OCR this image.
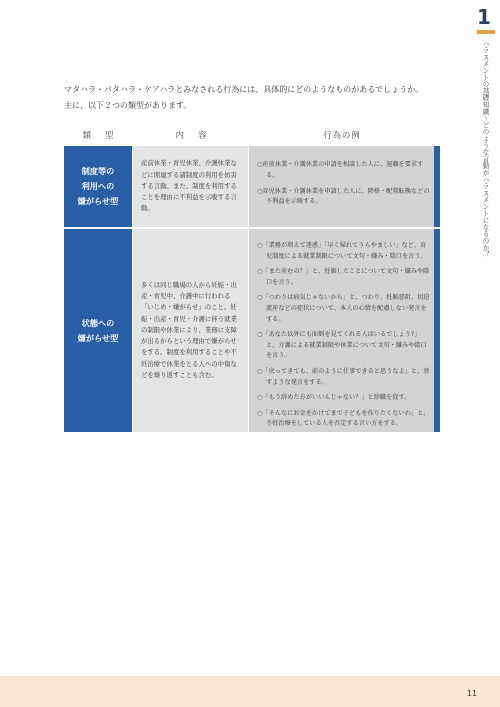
1
ハラスメントの基礎知識〜どのような言動がハラスメントになるのか？

マタハラ・パタハラ・ケアハラとみなされる行為には、具体的にどのようなものがあるでしょうか。

主に、以下２つの類型があります。

類型	内容	行為の例
制度等の
利用への
嫌がらせ型
産前休業・育児休業、介護休業などに関連する諸制度の利用を妨害する言動。また、制度を利用することを理由に不利益を示唆する言動。
○産前休業・介護休業の申請を相談した人に、退職を要求する。
○育児休業・介護休業を申請した人に、降格・配置転換などの不利益を示唆する。
状態への
嫌がらせ型
多くは同じ職場の人から妊娠・出産・育児中、介護中に行われる「いじめ・嫌がらせ」のこと。妊娠・出産・育児・介護に伴う就業の制限や休業により、業務に支障が出るからという理由で嫌がらせをする。制度を利用することや不妊治療で休業をとる人への中傷などを繰り返すことも含む。
○「業務が増えて迷惑」「早く帰れてうらやましい」など、育児制度による就業制限について文句・嫌み・陰口を言う。
○「また産むの？」と、妊娠したことについて文句・嫌みや陰口を言う。
○「つわりは病気じゃないから」と、つわり、妊娠悪阻、切迫流産などの症状について、本人の心情を配慮しない発言をする。
○「あなた以外にも面倒を見てくれる人はいるでしょう?」と、介護による就業制限や休業について文句・嫌みや陰口を言う。
○「戻ってきても、前のように仕事できると思うなよ」と、脅すような発言をする。
○「もう辞めた方がいいんじゃない？」と辞職を促す。
○「そんなにお金をかけてまで子どもを作りたくないわ」と、不妊治療をしている人を否定する言い方をする。
11
